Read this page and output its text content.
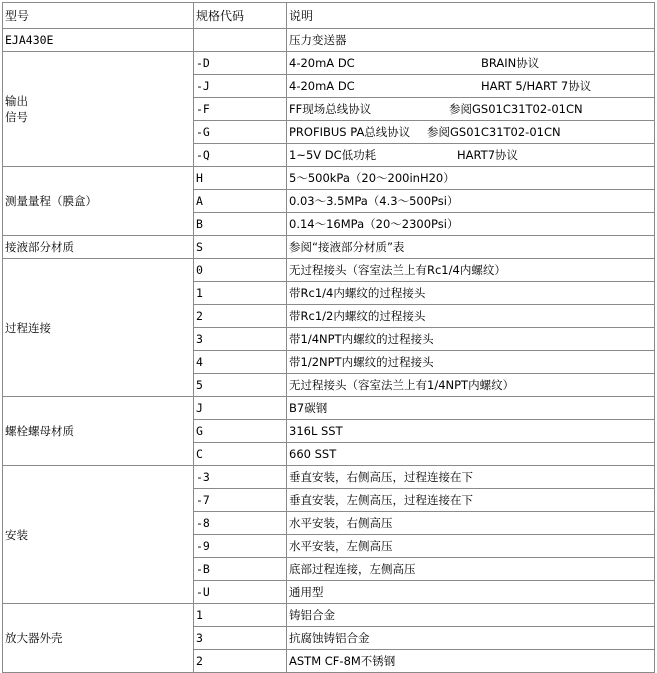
型号	规格代码	说明
EJA430E		压力变送器
输出
信号	-D	4-20mA DC BRAIN协议

	-J	4-20mA DC HART 5/HART 7协议

	-F	FF现场总线协议 参阅GS01C31T02-01CN

	-G	PROFIBUS PA总线协议 参阅GS01C31T02-01CN

	-Q	1~5V DC低功耗 HART7协议

测量量程（膜盒）	H	5～500kPa（20～200inH20）

	A	0.03～3.5MPa（4.3～500Psi）

	B	0.14～16MPa（20～2300Psi）

接液部分材质	S	参阅“接液部分材质”表

过程连接	0	无过程接头（容室法兰上有Rc1/4内螺纹）

	1	带Rc1/4内螺纹的过程接头

	2	带Rc1/2内螺纹的过程接头

	3	带1/4NPT内螺纹的过程接头

	4	带1/2NPT内螺纹的过程接头

	5	无过程接头（容室法兰上有1/4NPT内螺纹）

螺栓螺母材质	J	B7碳钢

	G	316L SST

	C	660 SST

安装	-3	垂直安装，右侧高压，过程连接在下

	-7	垂直安装，左侧高压，过程连接在下

	-8	水平安装，右侧高压

	-9	水平安装，左侧高压

	-B	底部过程连接，左侧高压

	-U	通用型

放大器外壳	1	铸铝合金

	3	抗腐蚀铸铝合金

	2	ASTM CF-8M不锈钢
